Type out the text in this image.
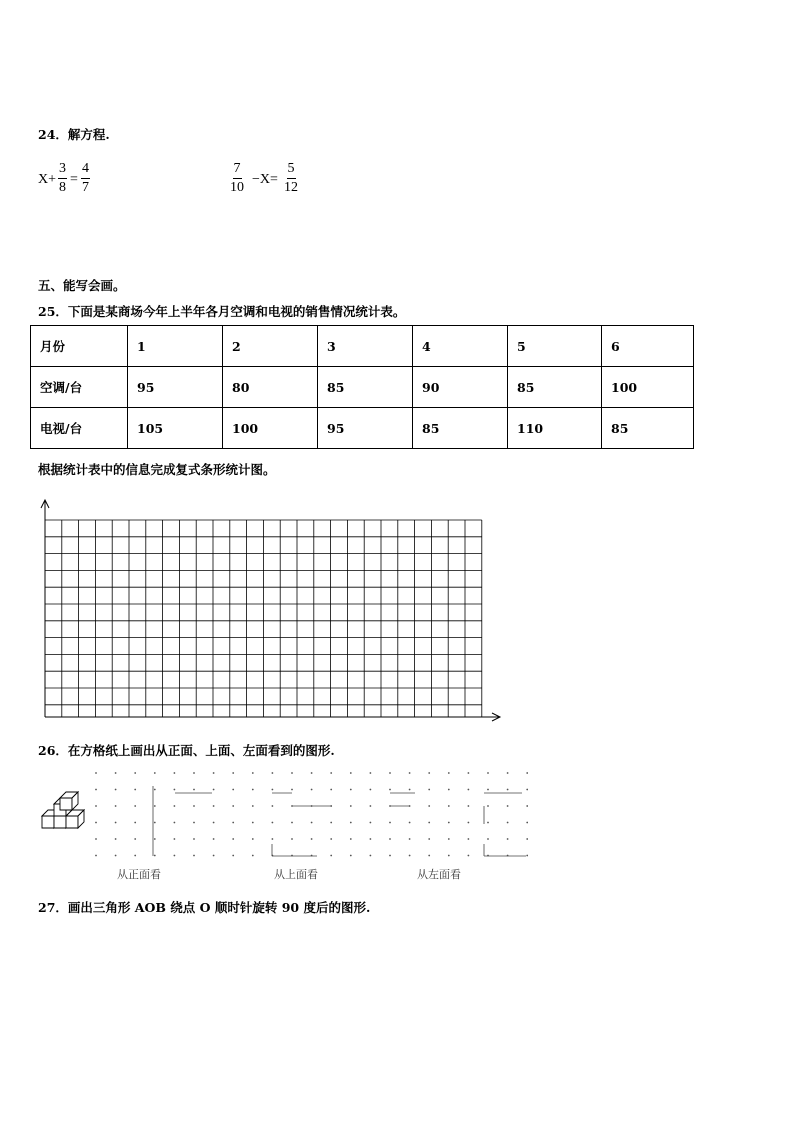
24．解方程.
$X+ \frac{3}{8} = \frac{4}{7}$	$\frac{7}{10} -X= \frac{5}{12}$
五、能写会画。
25．下面是某商场今年上半年各月空调和电视的销售情况统计表。
月份	1	2	3	4	5	6
空调/台	95	80	85	90	85	100
电视/台	105	100	95	85	110	85
根据统计表中的信息完成复式条形统计图。
26．在方格纸上画出从正面、上面、左面看到的图形.
从正面看	从上面看	从左面看
27．画出三角形 AOB 绕点 O 顺时针旋转 90 度后的图形.
